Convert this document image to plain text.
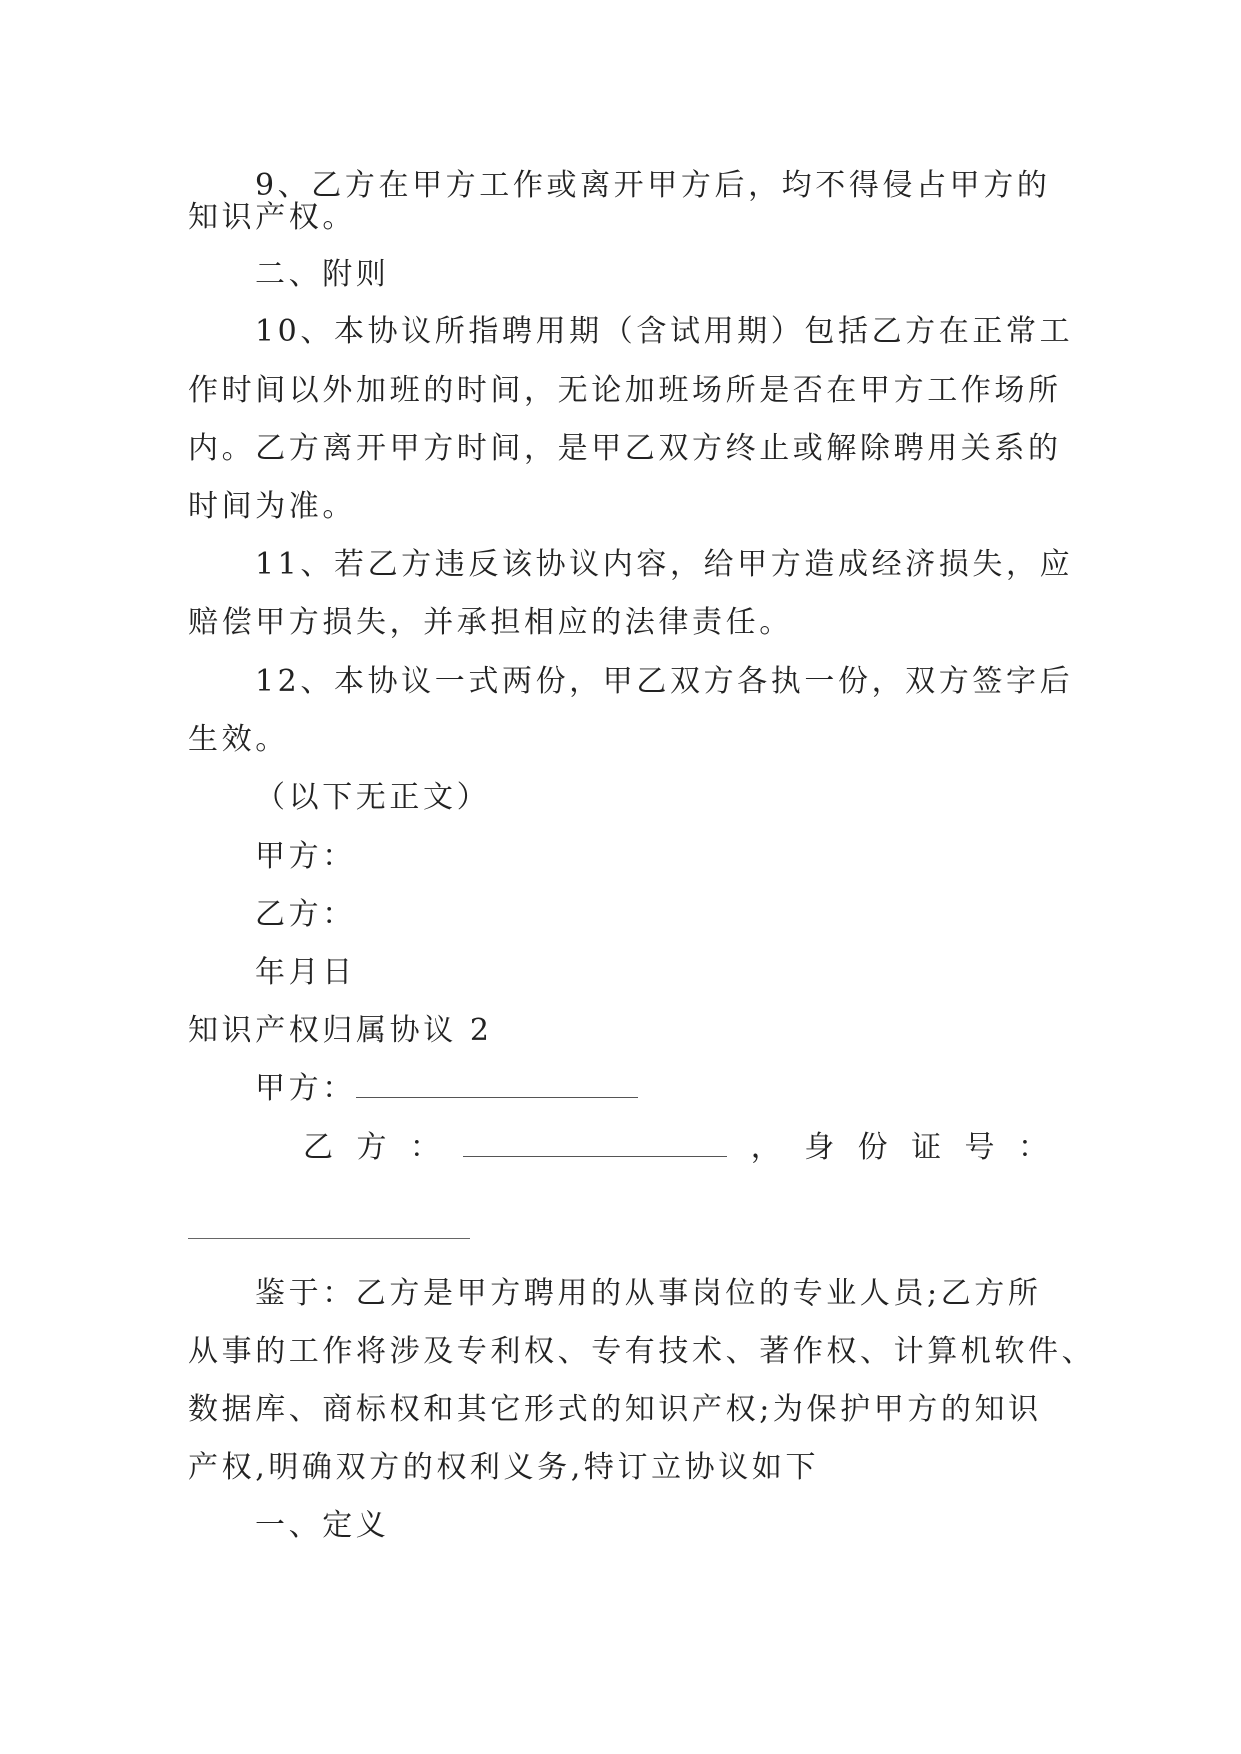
9、乙方在甲方工作或离开甲方后，均不得侵占甲方的
知识产权。
二、附则
10、本协议所指聘用期（含试用期）包括乙方在正常工
作时间以外加班的时间，无论加班场所是否在甲方工作场所
内。乙方离开甲方时间，是甲乙双方终止或解除聘用关系的
时间为准。
11、若乙方违反该协议内容，给甲方造成经济损失，应
赔偿甲方损失，并承担相应的法律责任。
12、本协议一式两份，甲乙双方各执一份，双方签字后
生效。
（以下无正文）
甲方：
乙方：
年月日
知识产权归属协议 2
甲方：
乙 方 ：	， 身 份 证 号 ：
鉴于：乙方是甲方聘用的从事岗位的专业人员;乙方所
从事的工作将涉及专利权、专有技术、著作权、计算机软件、
数据库、商标权和其它形式的知识产权;为保护甲方的知识
产权,明确双方的权利义务,特订立协议如下
一、定义
